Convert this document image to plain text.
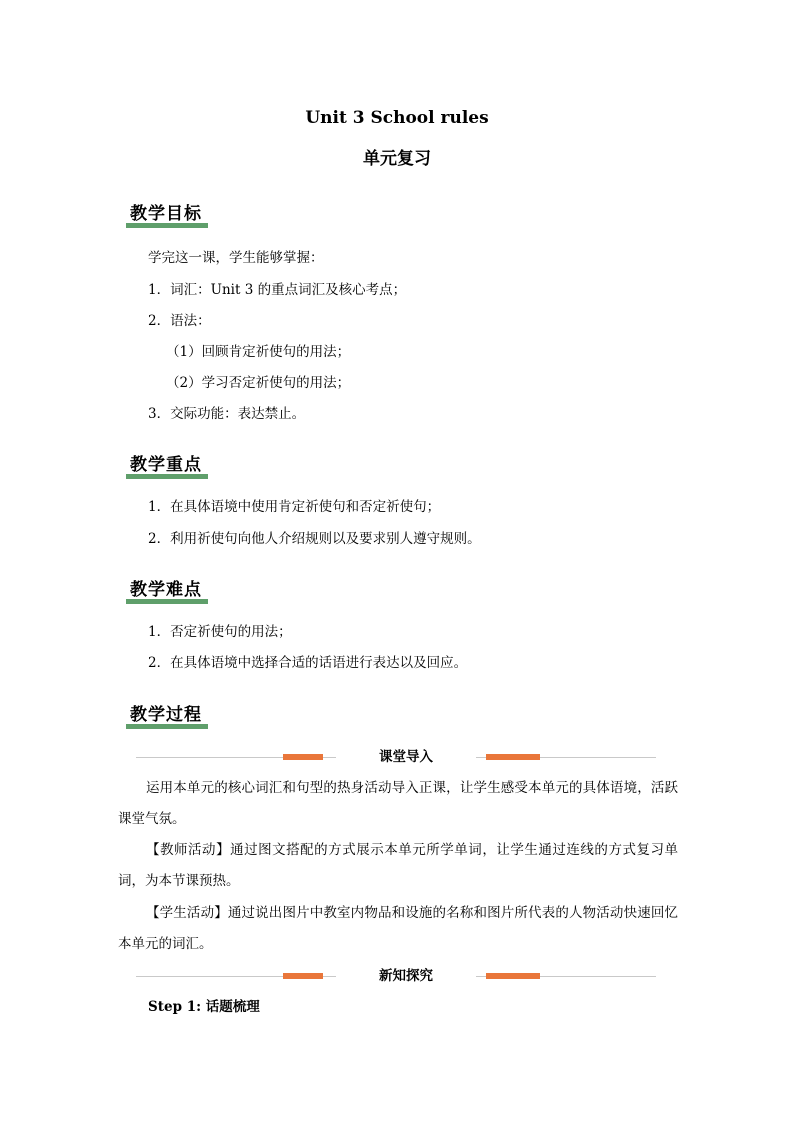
Unit 3 School rules
单元复习
教学目标
学完这一课，学生能够掌握：
1．词汇：Unit 3 的重点词汇及核心考点；
2．语法：
（1）回顾肯定祈使句的用法；
（2）学习否定祈使句的用法；
3．交际功能：表达禁止。
教学重点
1．在具体语境中使用肯定祈使句和否定祈使句；
2．利用祈使句向他人介绍规则以及要求别人遵守规则。
教学难点
1．否定祈使句的用法；
2．在具体语境中选择合适的话语进行表达以及回应。
教学过程
课堂导入
运用本单元的核心词汇和句型的热身活动导入正课，让学生感受本单元的具体语境，活跃课堂气氛。
【教师活动】通过图文搭配的方式展示本单元所学单词，让学生通过连线的方式复习单词，为本节课预热。
【学生活动】通过说出图片中教室内物品和设施的名称和图片所代表的人物活动快速回忆本单元的词汇。
新知探究
Step 1: 话题梳理
